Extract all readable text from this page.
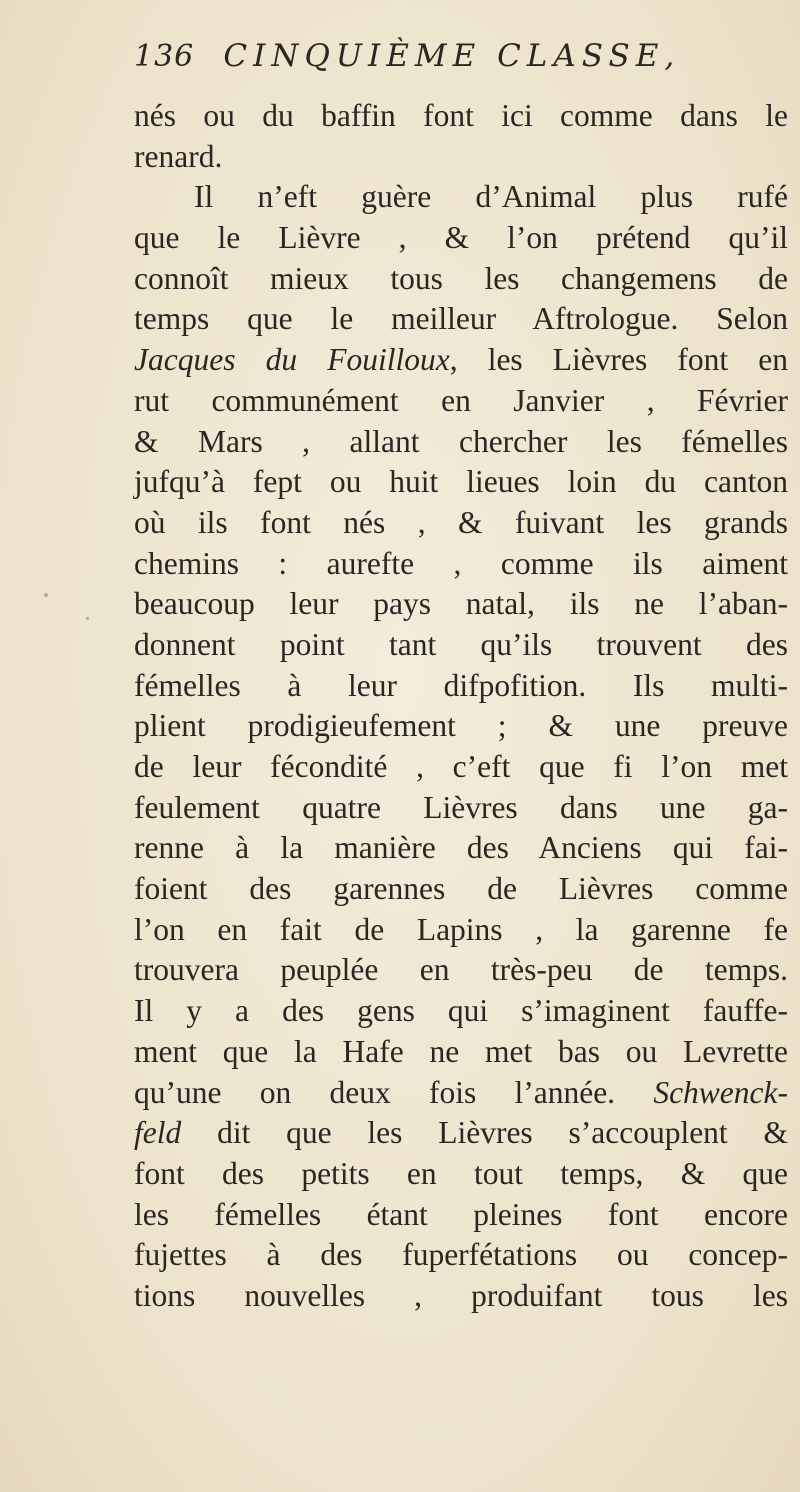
136 CINQUIÈME CLASSE,
nés ou du baffin font ici comme dans le
renard.
Il n’eft guère d’Animal plus rufé
que le Lièvre , & l’on prétend qu’il
connoît mieux tous les changemens de
temps que le meilleur Aftrologue. Selon
Jacques du Fouilloux, les Lièvres font en
rut communément en Janvier , Février
& Mars , allant chercher les fémelles
jufqu’à fept ou huit lieues loin du canton
où ils font nés , & fuivant les grands
chemins : aurefte , comme ils aiment
beaucoup leur pays natal, ils ne l’aban-
donnent point tant qu’ils trouvent des
fémelles à leur difpofition. Ils multi-
plient prodigieufement ; & une preuve
de leur fécondité , c’eft que fi l’on met
feulement quatre Lièvres dans une ga-
renne à la manière des Anciens qui fai-
foient des garennes de Lièvres comme
l’on en fait de Lapins , la garenne fe
trouvera peuplée en très-peu de temps.
Il y a des gens qui s’imaginent fauffe-
ment que la Hafe ne met bas ou Levrette
qu’une on deux fois l’année. Schwenck-
feld dit que les Lièvres s’accouplent &
font des petits en tout temps, & que
les fémelles étant pleines font encore
fujettes à des fuperfétations ou concep-
tions nouvelles , produifant tous les
